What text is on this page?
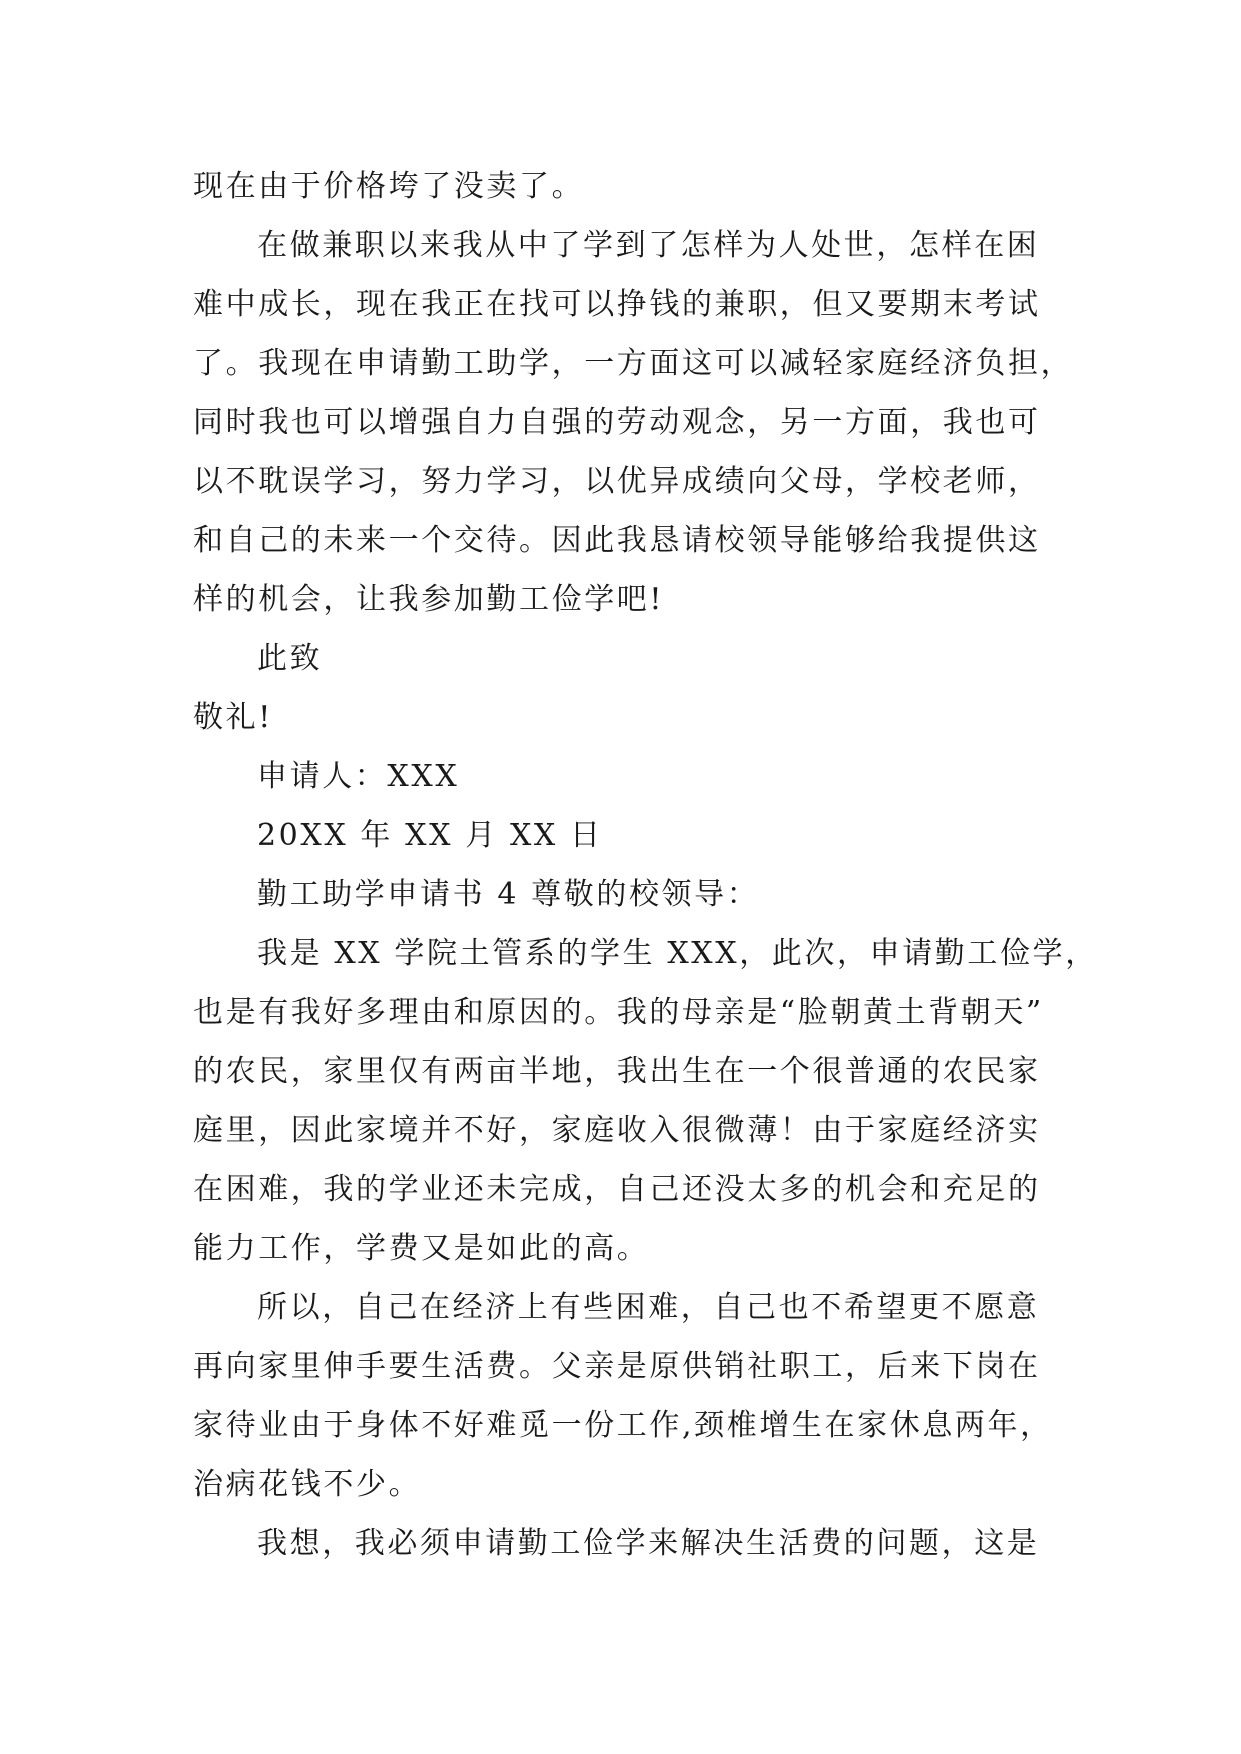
现在由于价格垮了没卖了。
在做兼职以来我从中了学到了怎样为人处世，怎样在困
难中成长，现在我正在找可以挣钱的兼职，但又要期末考试
了。我现在申请勤工助学，一方面这可以减轻家庭经济负担，
同时我也可以增强自力自强的劳动观念，另一方面，我也可
以不耽误学习，努力学习，以优异成绩向父母，学校老师，
和自己的未来一个交待。因此我恳请校领导能够给我提供这
样的机会，让我参加勤工俭学吧!
此致
敬礼!
申请人：XXX
20XX 年 XX 月 XX 日
勤工助学申请书 4 尊敬的校领导：
我是 XX 学院土管系的学生 XXX，此次，申请勤工俭学，
也是有我好多理由和原因的。我的母亲是“脸朝黄土背朝天”
的农民，家里仅有两亩半地，我出生在一个很普通的农民家
庭里，因此家境并不好，家庭收入很微薄！由于家庭经济实
在困难，我的学业还未完成，自己还没太多的机会和充足的
能力工作，学费又是如此的高。
所以，自己在经济上有些困难，自己也不希望更不愿意
再向家里伸手要生活费。父亲是原供销社职工，后来下岗在
家待业由于身体不好难觅一份工作,颈椎增生在家休息两年，
治病花钱不少。
我想，我必须申请勤工俭学来解决生活费的问题，这是
